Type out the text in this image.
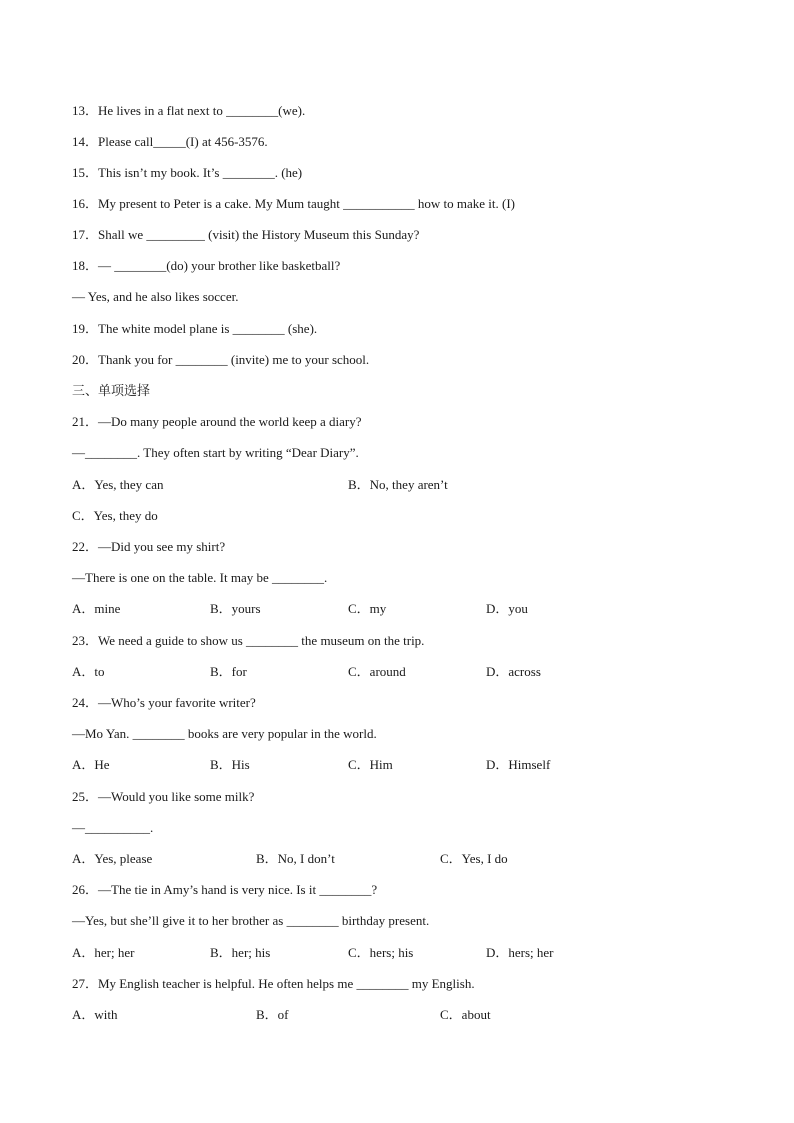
13．He lives in a flat next to ________(we).
14．Please call_____(I) at 456-3576.
15．This isn’t my book. It’s ________. (he)
16．My present to Peter is a cake. My Mum taught ___________ how to make it. (I)
17．Shall we _________ (visit) the History Museum this Sunday?
18．— ________(do) your brother like basketball?
— Yes, and he also likes soccer.
19．The white model plane is ________ (she).
20．Thank you for ________ (invite) me to your school.
三、单项选择
21．—Do many people around the world keep a diary?
—________. They often start by writing “Dear Diary”.
A．Yes, they can	B．No, they aren’t
C．Yes, they do
22．—Did you see my shirt?
—There is one on the table. It may be ________.
A．mine	B．yours	C．my	D．you
23．We need a guide to show us ________ the museum on the trip.
A．to	B．for	C．around	D．across
24．—Who’s your favorite writer?
—Mo Yan. ________ books are very popular in the world.
A．He	B．His	C．Him	D．Himself
25．—Would you like some milk?
—__________.
A．Yes, please	B．No, I don’t	C．Yes, I do
26．—The tie in Amy’s hand is very nice. Is it ________?
—Yes, but she’ll give it to her brother as ________ birthday present.
A．her; her	B．her; his	C．hers; his	D．hers; her
27．My English teacher is helpful. He often helps me ________ my English.
A．with	B．of	C．about
